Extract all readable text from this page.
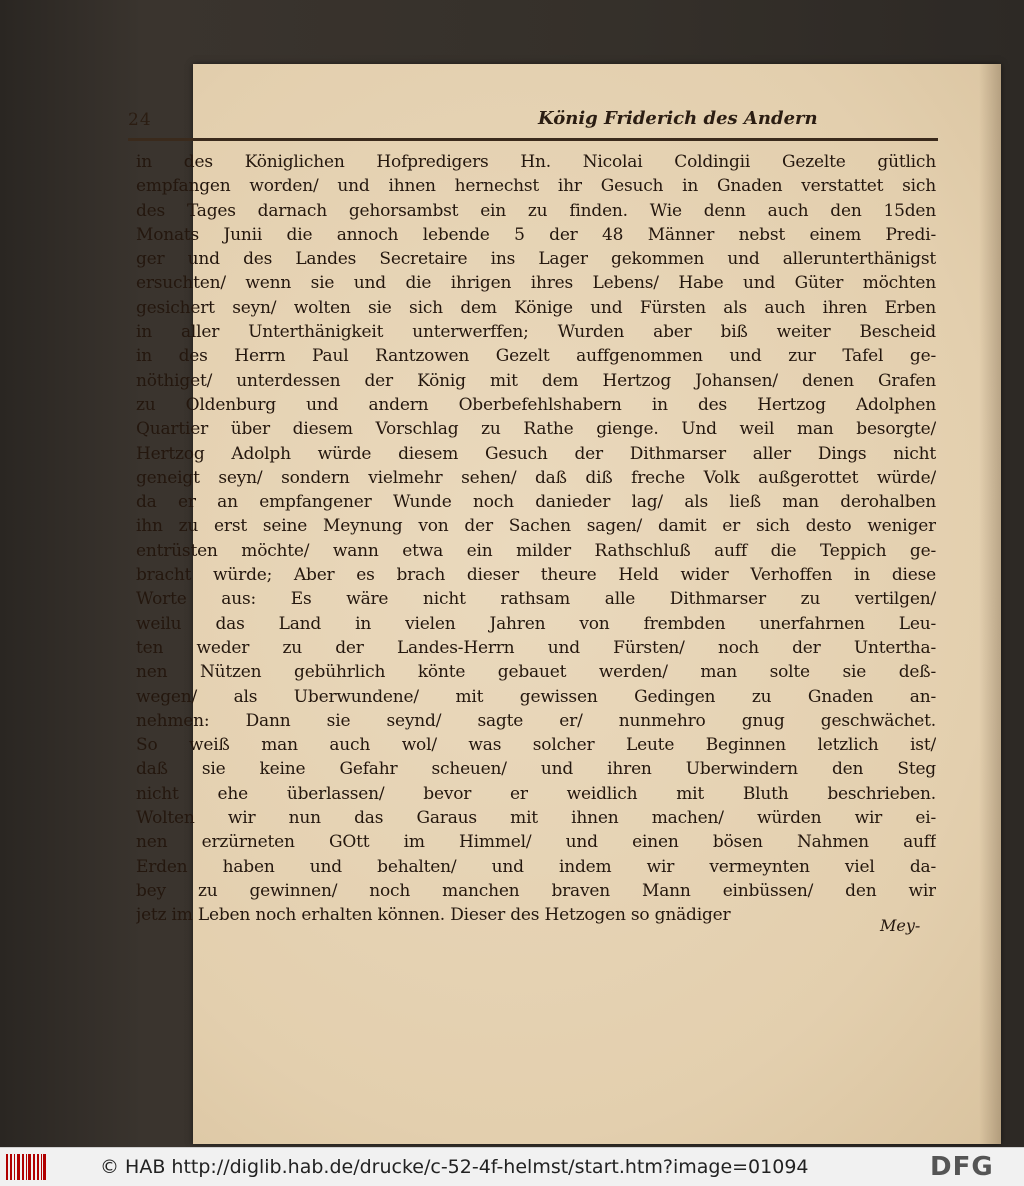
24	König Friderich des Andern
in des Königlichen Hofpredigers Hn. Nicolai Coldingii Gezelte gütlich
empfangen worden/ und ihnen hernechst ihr Gesuch in Gnaden verstattet sich
des Tages darnach gehorsambst ein zu finden. Wie denn auch den 15den
Monats Junii die annoch lebende 5 der 48 Männer nebst einem Predi-
ger und des Landes Secretaire ins Lager gekommen und allerunterthänigst
ersuchten/ wenn sie und die ihrigen ihres Lebens/ Habe und Güter möchten
gesichert seyn/ wolten sie sich dem Könige und Fürsten als auch ihren Erben
in aller Unterthänigkeit unterwerffen; Wurden aber biß weiter Bescheid
in des Herrn Paul Rantzowen Gezelt auffgenommen und zur Tafel ge-
nöthiget/ unterdessen der König mit dem Hertzog Johansen/ denen Grafen
zu Oldenburg und andern Oberbefehlshabern in des Hertzog Adolphen
Quartier über diesem Vorschlag zu Rathe gienge. Und weil man besorgte/
Hertzog Adolph würde diesem Gesuch der Dithmarser aller Dings nicht
geneigt seyn/ sondern vielmehr sehen/ daß diß freche Volk außgerottet würde/
da er an empfangener Wunde noch danieder lag/ als ließ man derohalben
ihn zu erst seine Meynung von der Sachen sagen/ damit er sich desto weniger
entrüsten möchte/ wann etwa ein milder Rathschluß auff die Teppich ge-
bracht würde; Aber es brach dieser theure Held wider Verhoffen in diese
Worte aus: Es wäre nicht rathsam alle Dithmarser zu vertilgen/
weilu das Land in vielen Jahren von frembden unerfahrnen Leu-
ten weder zu der Landes-Herrn und Fürsten/ noch der Untertha-
nen Nützen gebührlich könte gebauet werden/ man solte sie deß-
wegen/ als Uberwundene/ mit gewissen Gedingen zu Gnaden an-
nehmen: Dann sie seynd/ sagte er/ nunmehro gnug geschwächet.
So weiß man auch wol/ was solcher Leute Beginnen letzlich ist/
daß sie keine Gefahr scheuen/ und ihren Uberwindern den Steg
nicht ehe überlassen/ bevor er weidlich mit Bluth beschrieben.
Wolten wir nun das Garaus mit ihnen machen/ würden wir ei-
nen erzürneten GOtt im Himmel/ und einen bösen Nahmen auff
Erden haben und behalten/ und indem wir vermeynten viel da-
bey zu gewinnen/ noch manchen braven Mann einbüssen/ den wir
jetz im Leben noch erhalten können. Dieser des Hetzogen so gnädiger
Mey-
© HAB http://diglib.hab.de/drucke/c-52-4f-helmst/start.htm?image=01094	DFG
